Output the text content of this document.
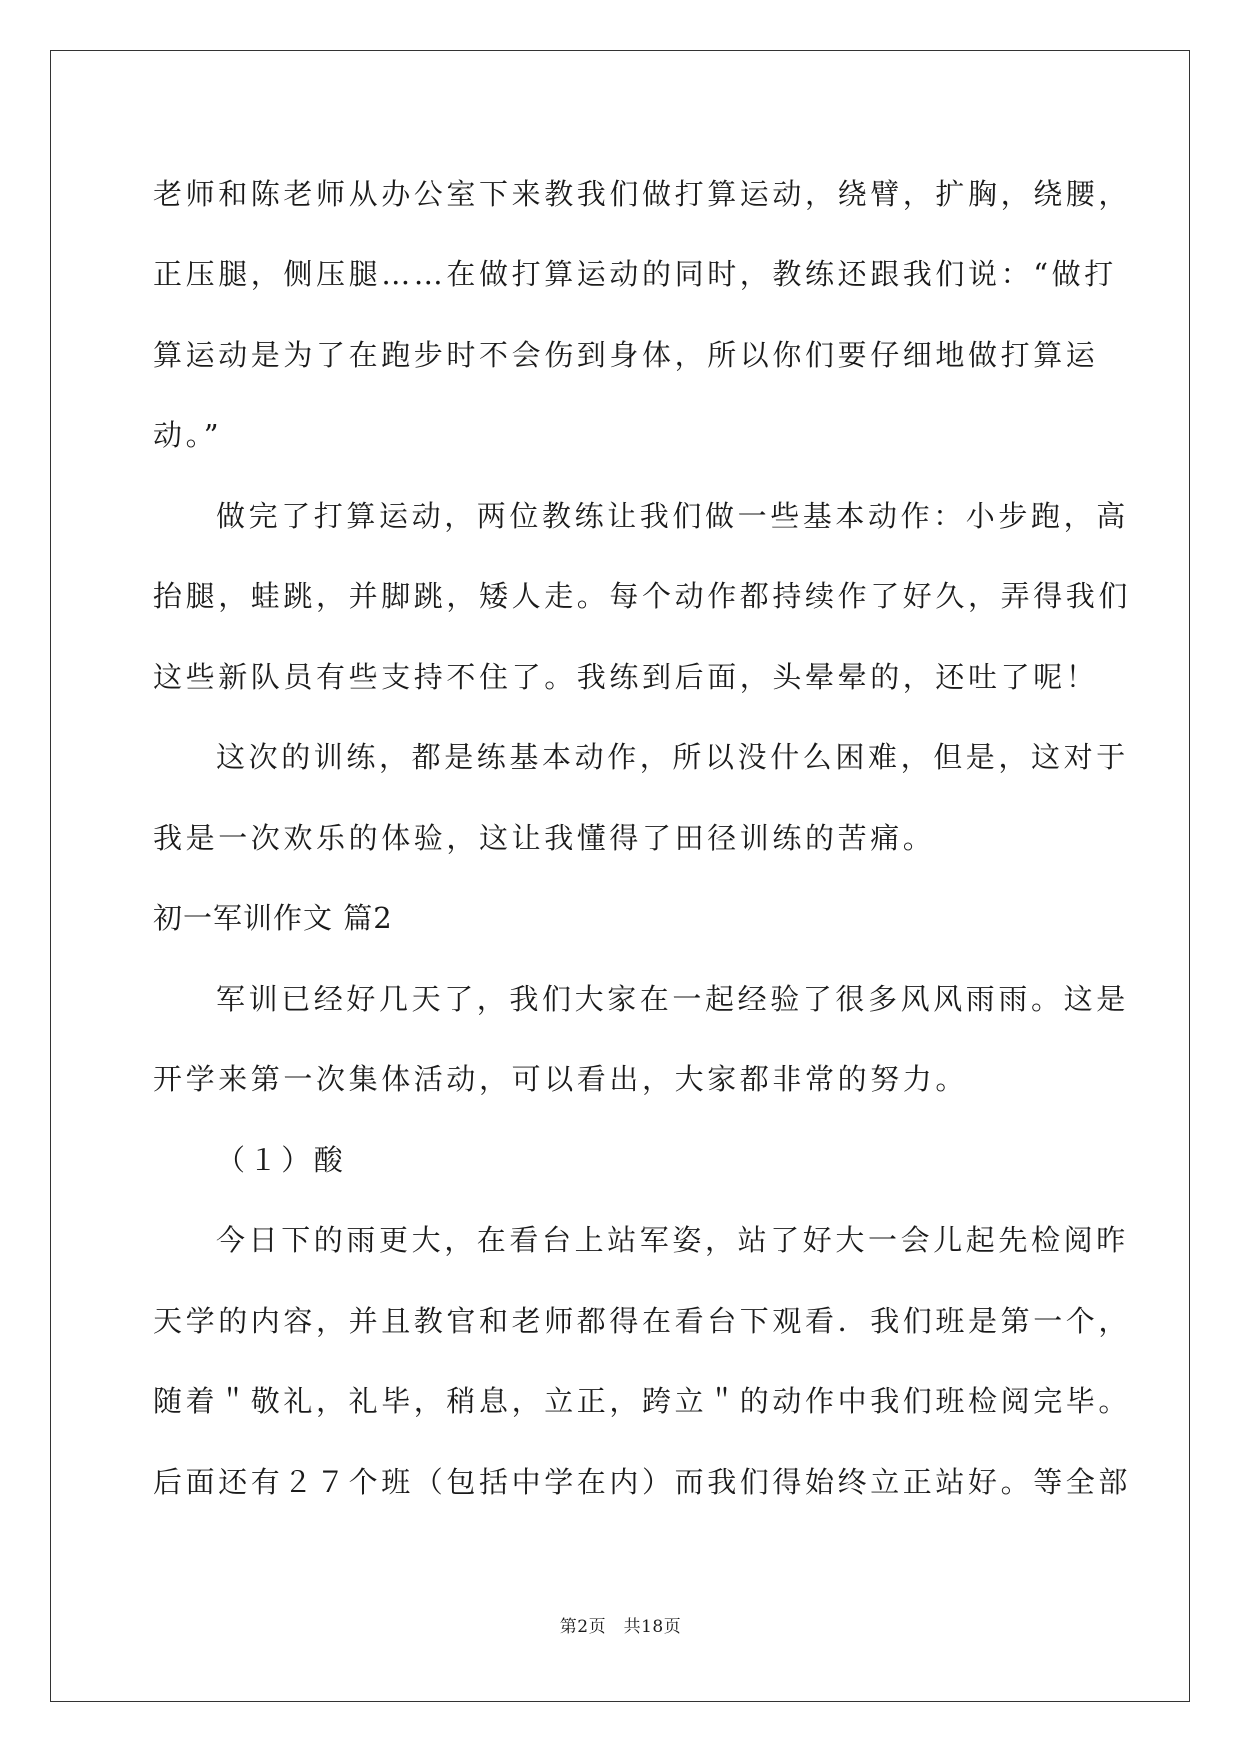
老师和陈老师从办公室下来教我们做打算运动，绕臂，扩胸，绕腰，
正压腿，侧压腿……在做打算运动的同时，教练还跟我们说：“做打
算运动是为了在跑步时不会伤到身体，所以你们要仔细地做打算运
动。”
做完了打算运动，两位教练让我们做一些基本动作：小步跑，高
抬腿，蛙跳，并脚跳，矮人走。每个动作都持续作了好久，弄得我们
这些新队员有些支持不住了。我练到后面，头晕晕的，还吐了呢！
这次的训练，都是练基本动作，所以没什么困难，但是，这对于
我是一次欢乐的体验，这让我懂得了田径训练的苦痛。
初一军训作文 篇2
军训已经好几天了，我们大家在一起经验了很多风风雨雨。这是
开学来第一次集体活动，可以看出，大家都非常的努力。
（１）酸
今日下的雨更大，在看台上站军姿，站了好大一会儿起先检阅昨
天学的内容，并且教官和老师都得在看台下观看．我们班是第一个，
随着＂敬礼，礼毕，稍息，立正，跨立＂的动作中我们班检阅完毕。
后面还有２７个班（包括中学在内）而我们得始终立正站好。等全部
第2页　共18页
